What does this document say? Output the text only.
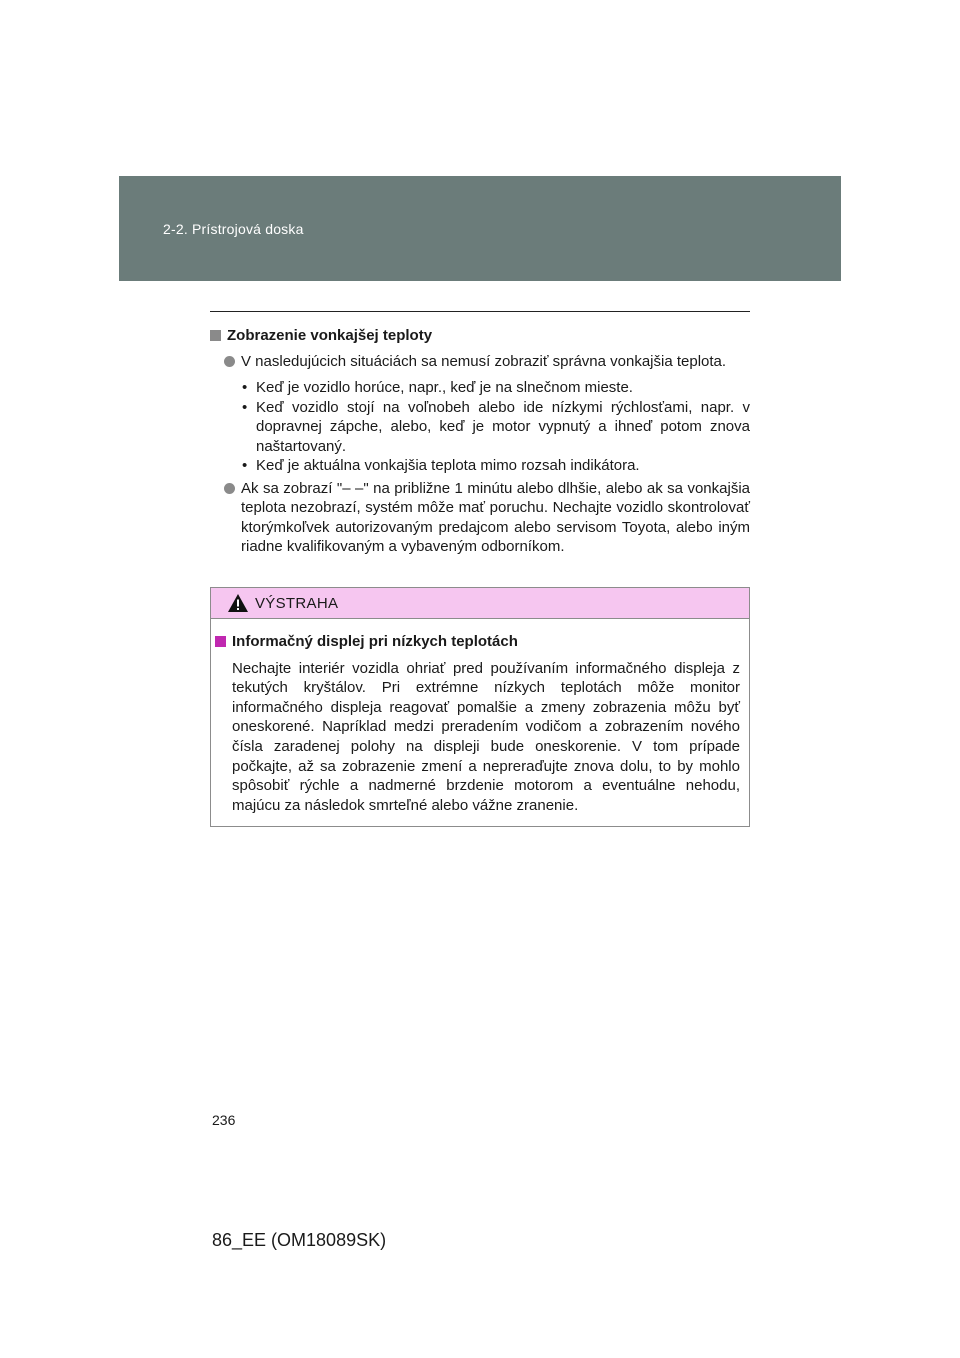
2-2. Prístrojová doska
Zobrazenie vonkajšej teploty
V nasledujúcich situáciách sa nemusí zobraziť správna vonkajšia teplota.
• Keď je vozidlo horúce, napr., keď je na slnečnom mieste.
• Keď vozidlo stojí na voľnobeh alebo ide nízkymi rýchlosťami, napr. v dopravnej zápche, alebo, keď je motor vypnutý a ihneď potom znova naštartovaný.
• Keď je aktuálna vonkajšia teplota mimo rozsah indikátora.
Ak sa zobrazí "– –" na približne 1 minútu alebo dlhšie, alebo ak sa vonkajšia teplota nezobrazí, systém môže mať poruchu. Nechajte vozidlo skontrolovať ktorýmkoľvek autorizovaným predajcom alebo servisom Toyota, alebo iným riadne kvalifikovaným a vybaveným odborníkom.
VÝSTRAHA
Informačný displej pri nízkych teplotách
Nechajte interiér vozidla ohriať pred používaním informačného displeja z tekutých kryštálov. Pri extrémne nízkych teplotách môže monitor informačného displeja reagovať pomalšie a zmeny zobrazenia môžu byť oneskorené. Napríklad medzi preradením vodičom a zobrazením nového čísla zaradenej polohy na displeji bude oneskorenie. V tom prípade počkajte, až sa zobrazenie zmení a nepreraďujte znova dolu, to by mohlo spôsobiť rýchle a nadmerné brzdenie motorom a eventuálne nehodu, majúcu za následok smrteľné alebo vážne zranenie.
236
86_EE (OM18089SK)
